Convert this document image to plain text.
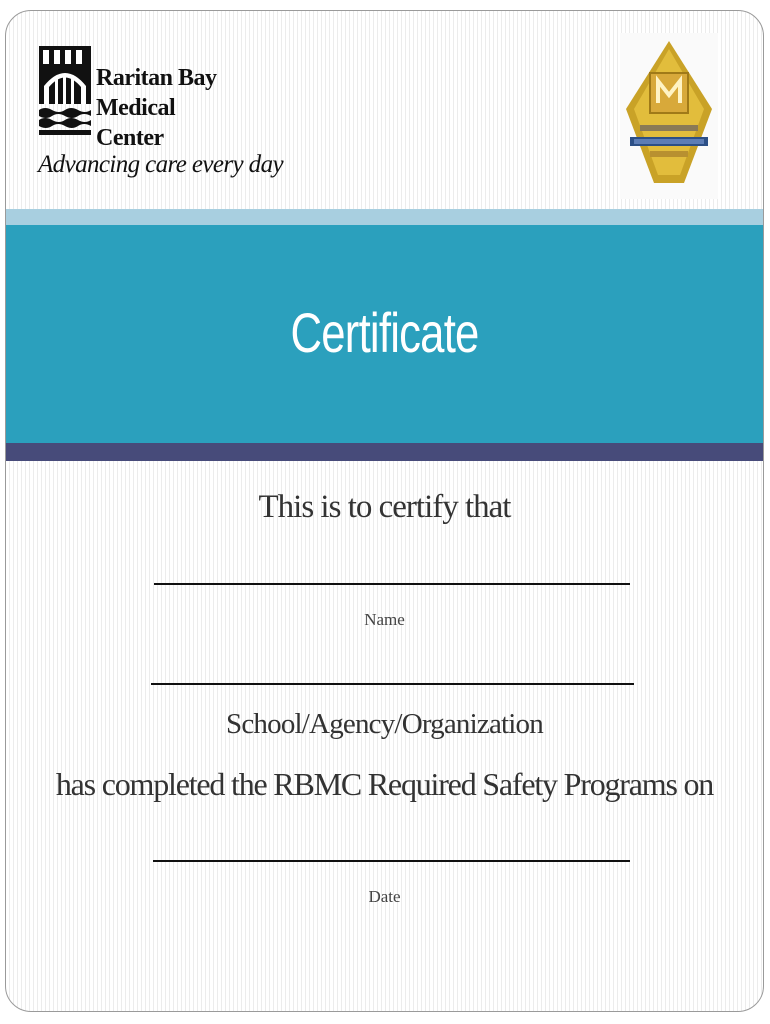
Raritan Bay
Medical Center
Advancing care every day
Certificate
This is to certify that
Name
School/Agency/Organization
has completed the RBMC Required Safety Programs on
Date
